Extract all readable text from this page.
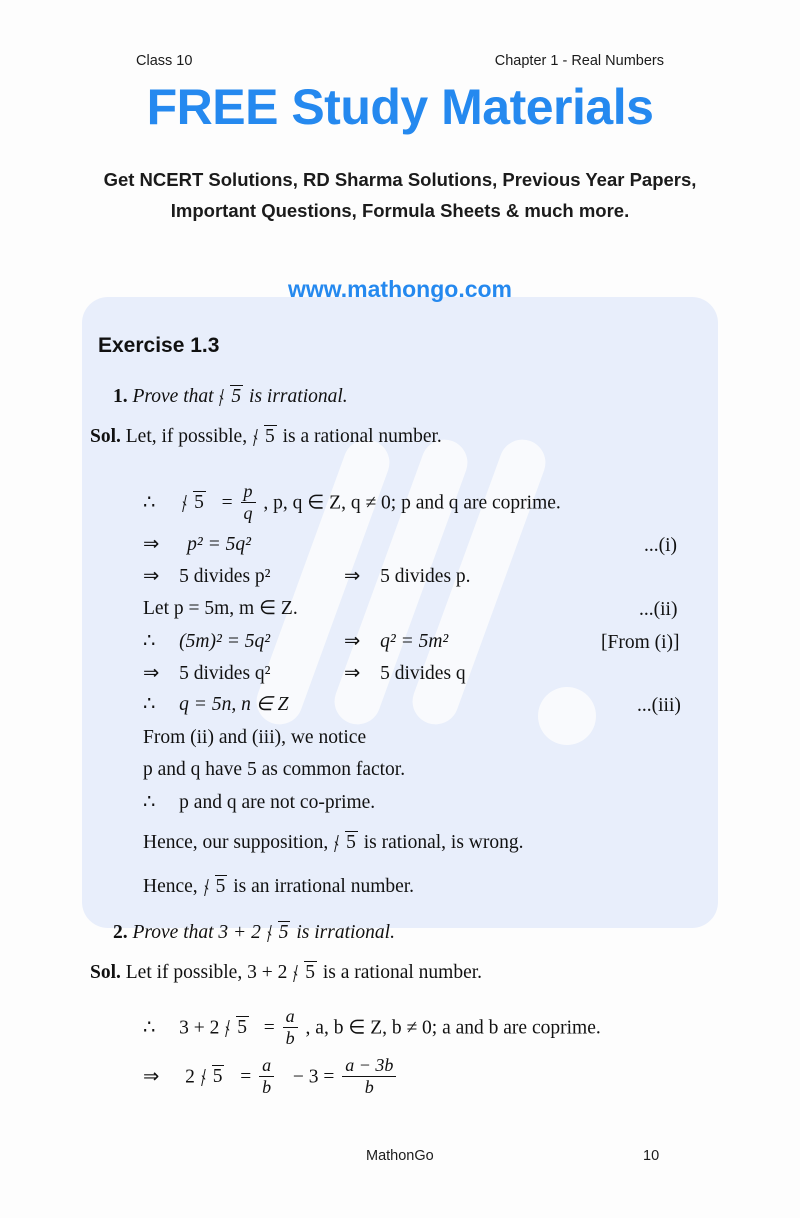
Class 10	Chapter 1 - Real Numbers
FREE Study Materials
Get NCERT Solutions, RD Sharma Solutions, Previous Year Papers,
Important Questions, Formula Sheets & much more.
www.mathongo.com
Exercise 1.3
1. Prove that 5 is irrational.
Sol. Let, if possible, 5 is a rational number.
∴ $5 = \frac{p}{q}$ , p, q ∈ Z, q ≠ 0; p and q are coprime.
⇒ p² = 5q²	...(i)
⇒ 5 divides p²	⇒ 5 divides p.
Let p = 5m, m ∈ Z.	...(ii)
∴ (5m)² = 5q²	⇒ q² = 5m²	[From (i)]
⇒ 5 divides q²	⇒ 5 divides q
∴ q = 5n, n ∈ Z	...(iii)
From (ii) and (iii), we notice
p and q have 5 as common factor.
∴ p and q are not co-prime.
Hence, our supposition, 5 is rational, is wrong.
Hence, 5 is an irrational number.
2. Prove that 3 + 2 5 is irrational.
Sol. Let if possible, 3 + 2 5 is a rational number.
∴ 3 + 2 $5 = \frac{a}{b}$ , a, b ∈ Z, b ≠ 0; a and b are coprime.
⇒ 2 $5 = \frac{a}{b} - 3 = \frac{a - 3b}{b}$
MathonGo	10
